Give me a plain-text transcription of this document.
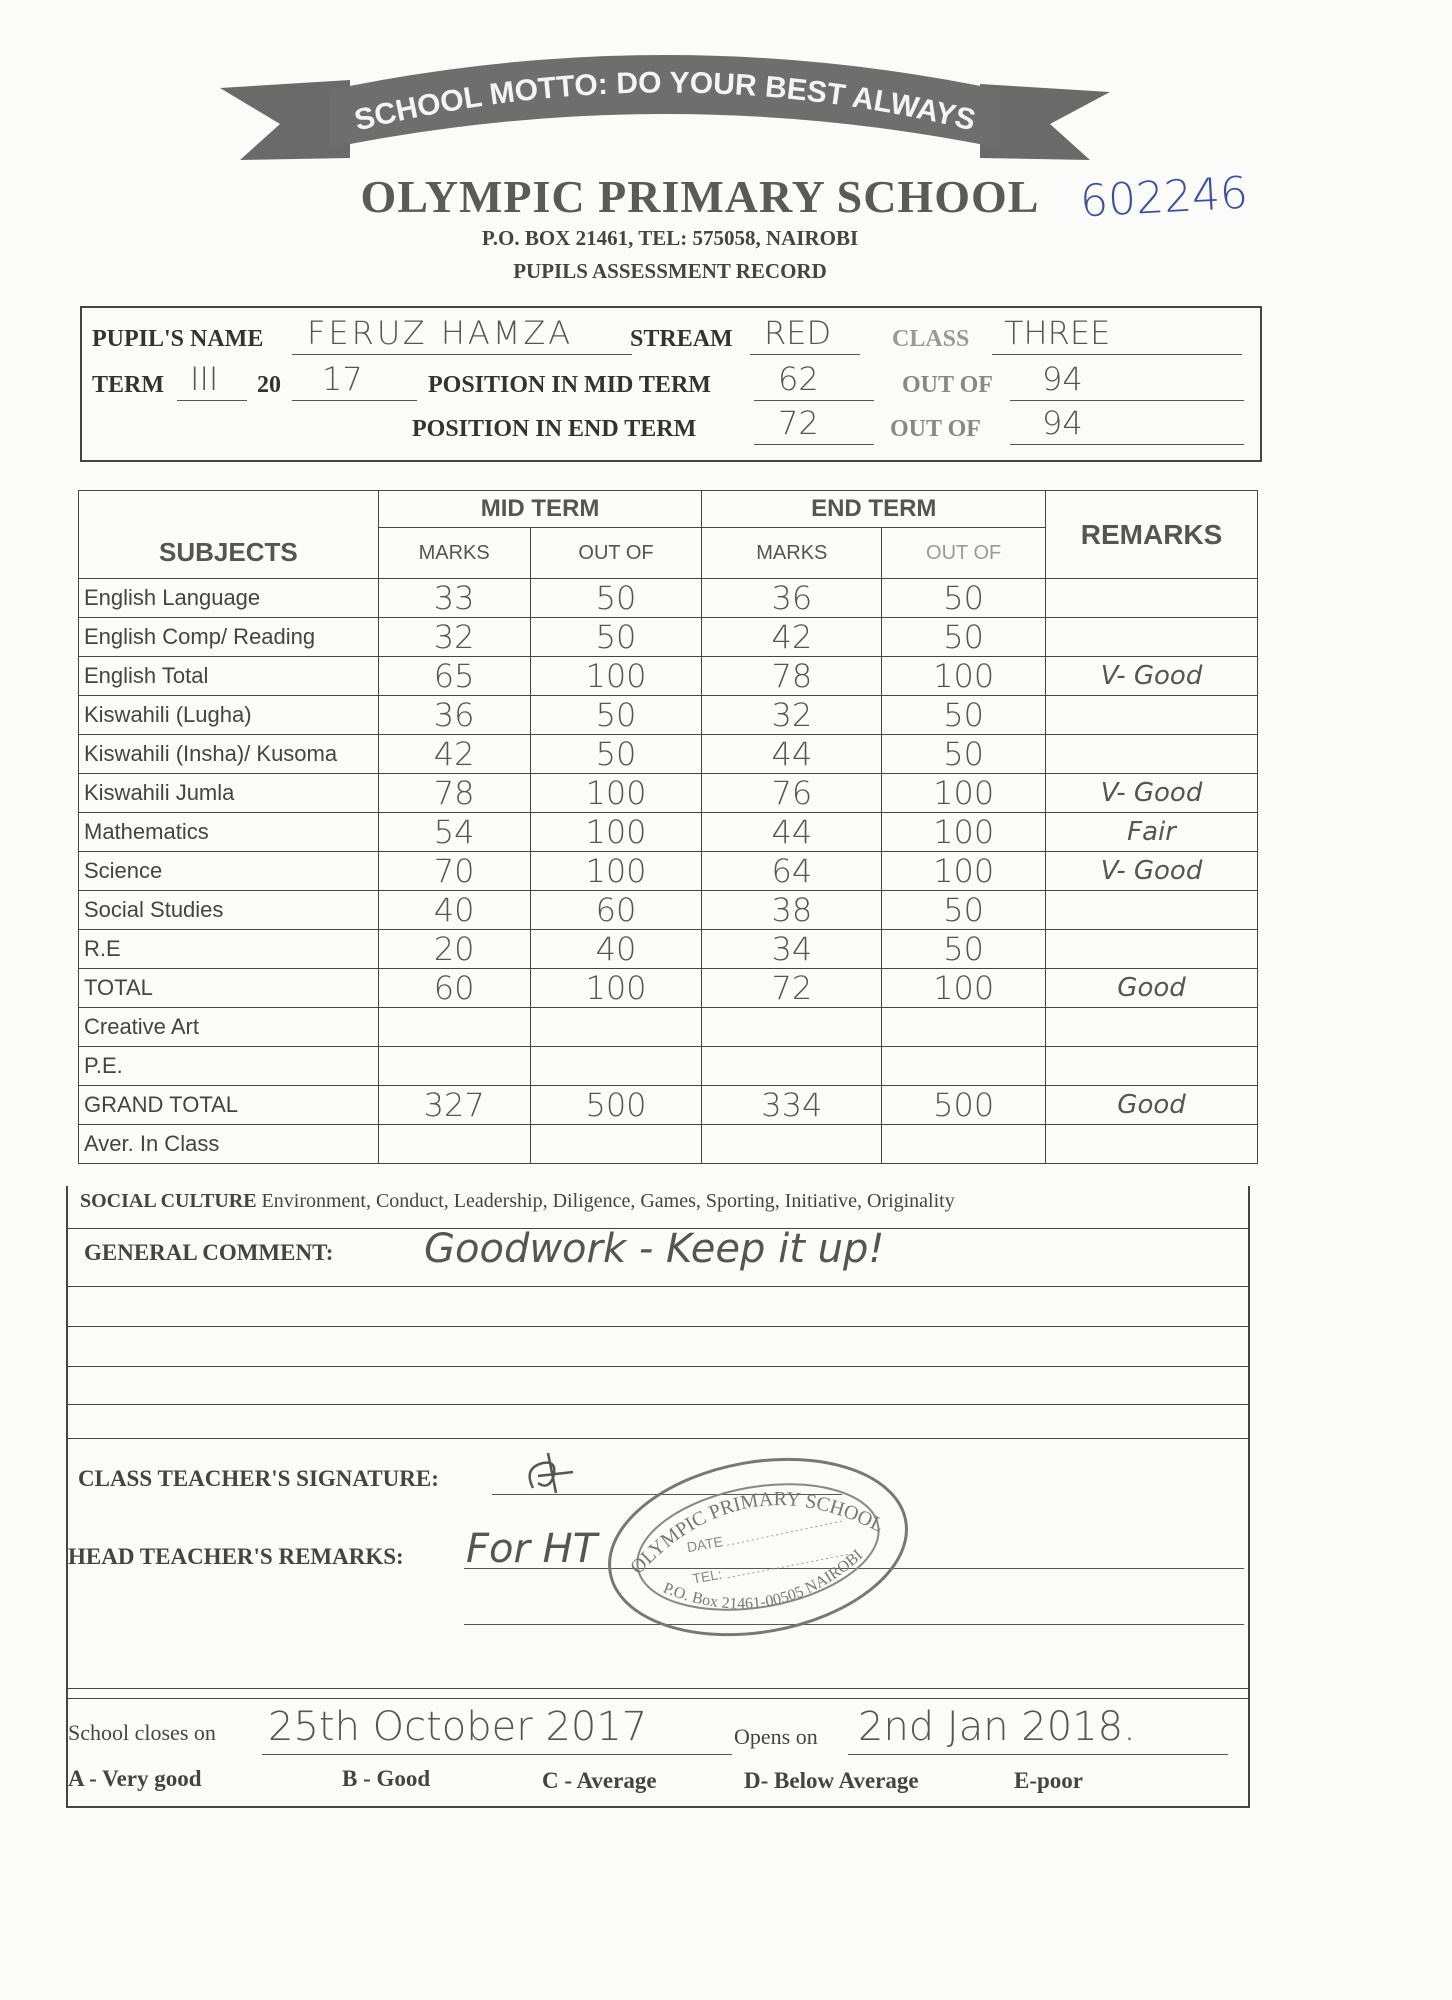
SCHOOL MOTTO: DO YOUR BEST ALWAYS
OLYMPIC PRIMARY SCHOOL
P.O. BOX 21461, TEL: 575058, NAIROBI
PUPILS ASSESSMENT RECORD
602246
PUPIL'S NAME FERUZ HAMZA STREAM RED	CLASS THREE
TERM III 20 17	POSITION IN MID TERM 62	OUT OF 94
POSITION IN END TERM	72	OUT OF 94
	MID TERM		END TERM		REMARKS
SUBJECTS	MARKS	OUT OF	MARKS	OUT OF	
English Language	33	50	36	50	
English Comp/ Reading	32	50	42	50	
English Total	65	100	78	100	V- Good
Kiswahili (Lugha)	36	50	32	50	
Kiswahili (Insha)/ Kusoma	42	50	44	50	
Kiswahili Jumla	78	100	76	100	V- Good
Mathematics	54	100	44	100	Fair
Science	70	100	64	100	V- Good
Social Studies	40	60	38	50	
R.E	20	40	34	50	
TOTAL	60	100	72	100	Good
Creative Art					
P.E.					
GRAND TOTAL	327	500	334	500	Good
Aver. In Class					
SOCIAL CULTURE Environment, Conduct, Leadership, Diligence, Games, Sporting, Initiative, Originality
GENERAL COMMENT: Goodwork - Keep it up!
CLASS TEACHER'S SIGNATURE:
HEAD TEACHER'S REMARKS: For HT
School closes on 25th October 2017	Opens on 2nd Jan 2018.
A - Very good	B - Good	C - Average	D- Below Average	E-poor
OLYMPIC PRIMARY SCHOOL
P.O. Box 21461-00505 NAIROBI
DATE
TEL:
